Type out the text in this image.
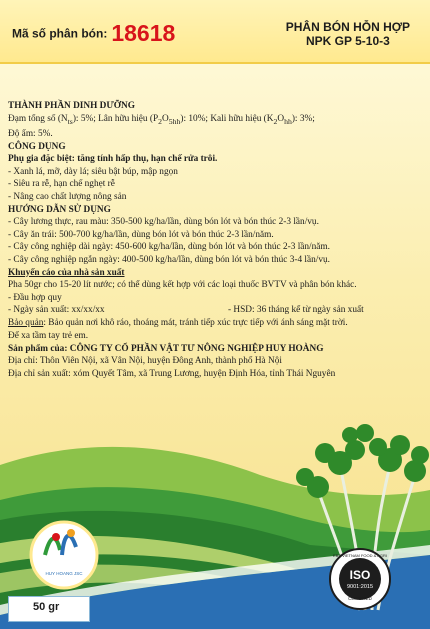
Mã số phân bón: 18618	PHÂN BÓN HỖN HỢP
NPK GP 5-10-3
THÀNH PHẦN DINH DƯỠNG
Đạm tổng số $(N_{ts})$: 5%; Lân hữu hiệu $(P_2O_{5hh})$: 10%; Kali hữu hiệu $(K_2O_{hh})$: 3%;
Độ ẩm: 5%.
CÔNG DỤNG
Phụ gia đặc biệt: tăng tính hấp thụ, hạn chế rửa trôi.
- Xanh lá, mỡ, dày lá; siêu bật búp, mập ngọn
- Siêu ra rễ, hạn chế nghẹt rễ
- Nâng cao chất lượng nông sản
HƯỚNG DẪN SỬ DỤNG
- Cây lương thực, rau màu: 350-500 kg/ha/lần, dùng bón lót và bón thúc 2-3 lần/vụ.
- Cây ăn trái: 500-700 kg/ha/lần, dùng bón lót và bón thúc 2-3 lần/năm.
- Cây công nghiệp dài ngày: 450-600 kg/ha/lần, dùng bón lót và bón thúc 2-3 lần/năm.
- Cây công nghiệp ngắn ngày: 400-500 kg/ha/lần, dùng bón lót và bón thúc 3-4 lần/vụ.
Khuyến cáo của nhà sản xuất
Pha 50gr cho 15-20 lít nước; có thể dùng kết hợp với các loại thuốc BVTV và phân bón khác.
- Đầu hợp quy
- Ngày sản xuất: xx/xx/xx	- HSD: 36 tháng kể từ ngày sản xuất
Bảo quản: Bảo quản nơi khô ráo, thoáng mát, tránh tiếp xúc trực tiếp với ánh sáng mặt trời.
Để xa tầm tay trẻ em.
Sản phẩm của: CÔNG TY CỔ PHẦN VẬT TƯ NÔNG NGHIỆP HUY HOÀNG
Địa chỉ: Thôn Viên Nội, xã Vân Nội, huyện Đông Anh, thành phố Hà Nội
Địa chỉ sản xuất: xóm Quyết Tâm, xã Trung Lương, huyện Định Hóa, tỉnh Thái Nguyên
HUY HOANG JSC	ISO
9001:2015
EBS VIETNAM FOOD & AGRI
CERTIFIED
50 gr
